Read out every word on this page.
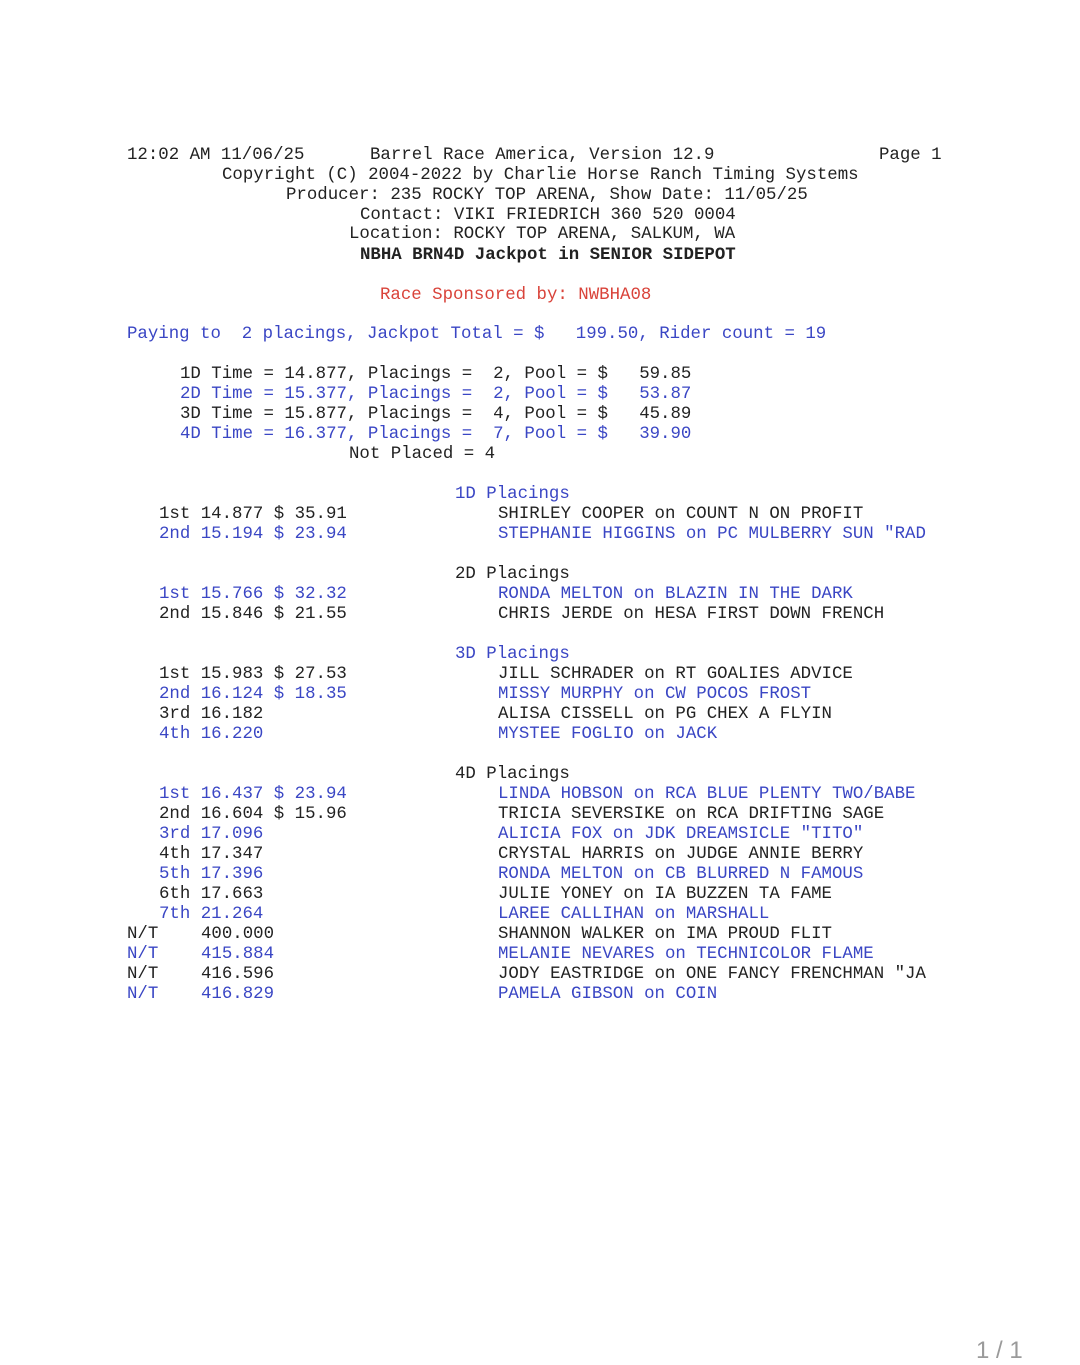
12:02 AM 11/06/25	Barrel Race America, Version 12.9	Page 1
Copyright (C) 2004-2022 by Charlie Horse Ranch Timing Systems
Producer: 235 ROCKY TOP ARENA, Show Date: 11/05/25
Contact: VIKI FRIEDRICH 360 520 0004
Location: ROCKY TOP ARENA, SALKUM, WA
NBHA BRN4D Jackpot in SENIOR SIDEPOT
Race Sponsored by: NWBHA08
Paying to  2 placings, Jackpot Total = $   199.50, Rider count = 19
1D Time = 14.877, Placings =  2, Pool = $   59.85
2D Time = 15.377, Placings =  2, Pool = $   53.87
3D Time = 15.877, Placings =  4, Pool = $   45.89
4D Time = 16.377, Placings =  7, Pool = $   39.90
Not Placed = 4
1D Placings
1st 14.877 $ 35.91	SHIRLEY COOPER on COUNT N ON PROFIT
2nd 15.194 $ 23.94	STEPHANIE HIGGINS on PC MULBERRY SUN "RAD
2D Placings
1st 15.766 $ 32.32	RONDA MELTON on BLAZIN IN THE DARK
2nd 15.846 $ 21.55	CHRIS JERDE on HESA FIRST DOWN FRENCH
3D Placings
1st 15.983 $ 27.53	JILL SCHRADER on RT GOALIES ADVICE
2nd 16.124 $ 18.35	MISSY MURPHY on CW POCOS FROST
3rd 16.182	ALISA CISSELL on PG CHEX A FLYIN
4th 16.220	MYSTEE FOGLIO on JACK
4D Placings
1st 16.437 $ 23.94	LINDA HOBSON on RCA BLUE PLENTY TWO/BABE
2nd 16.604 $ 15.96	TRICIA SEVERSIKE on RCA DRIFTING SAGE
3rd 17.096	ALICIA FOX on JDK DREAMSICLE "TITO"
4th 17.347	CRYSTAL HARRIS on JUDGE ANNIE BERRY
5th 17.396	RONDA MELTON on CB BLURRED N FAMOUS
6th 17.663	JULIE YONEY on IA BUZZEN TA FAME
7th 21.264	LAREE CALLIHAN on MARSHALL
N/T 400.000	SHANNON WALKER on IMA PROUD FLIT
N/T 415.884	MELANIE NEVARES on TECHNICOLOR FLAME
N/T 416.596	JODY EASTRIDGE on ONE FANCY FRENCHMAN "JA
N/T 416.829	PAMELA GIBSON on COIN
1 / 1
